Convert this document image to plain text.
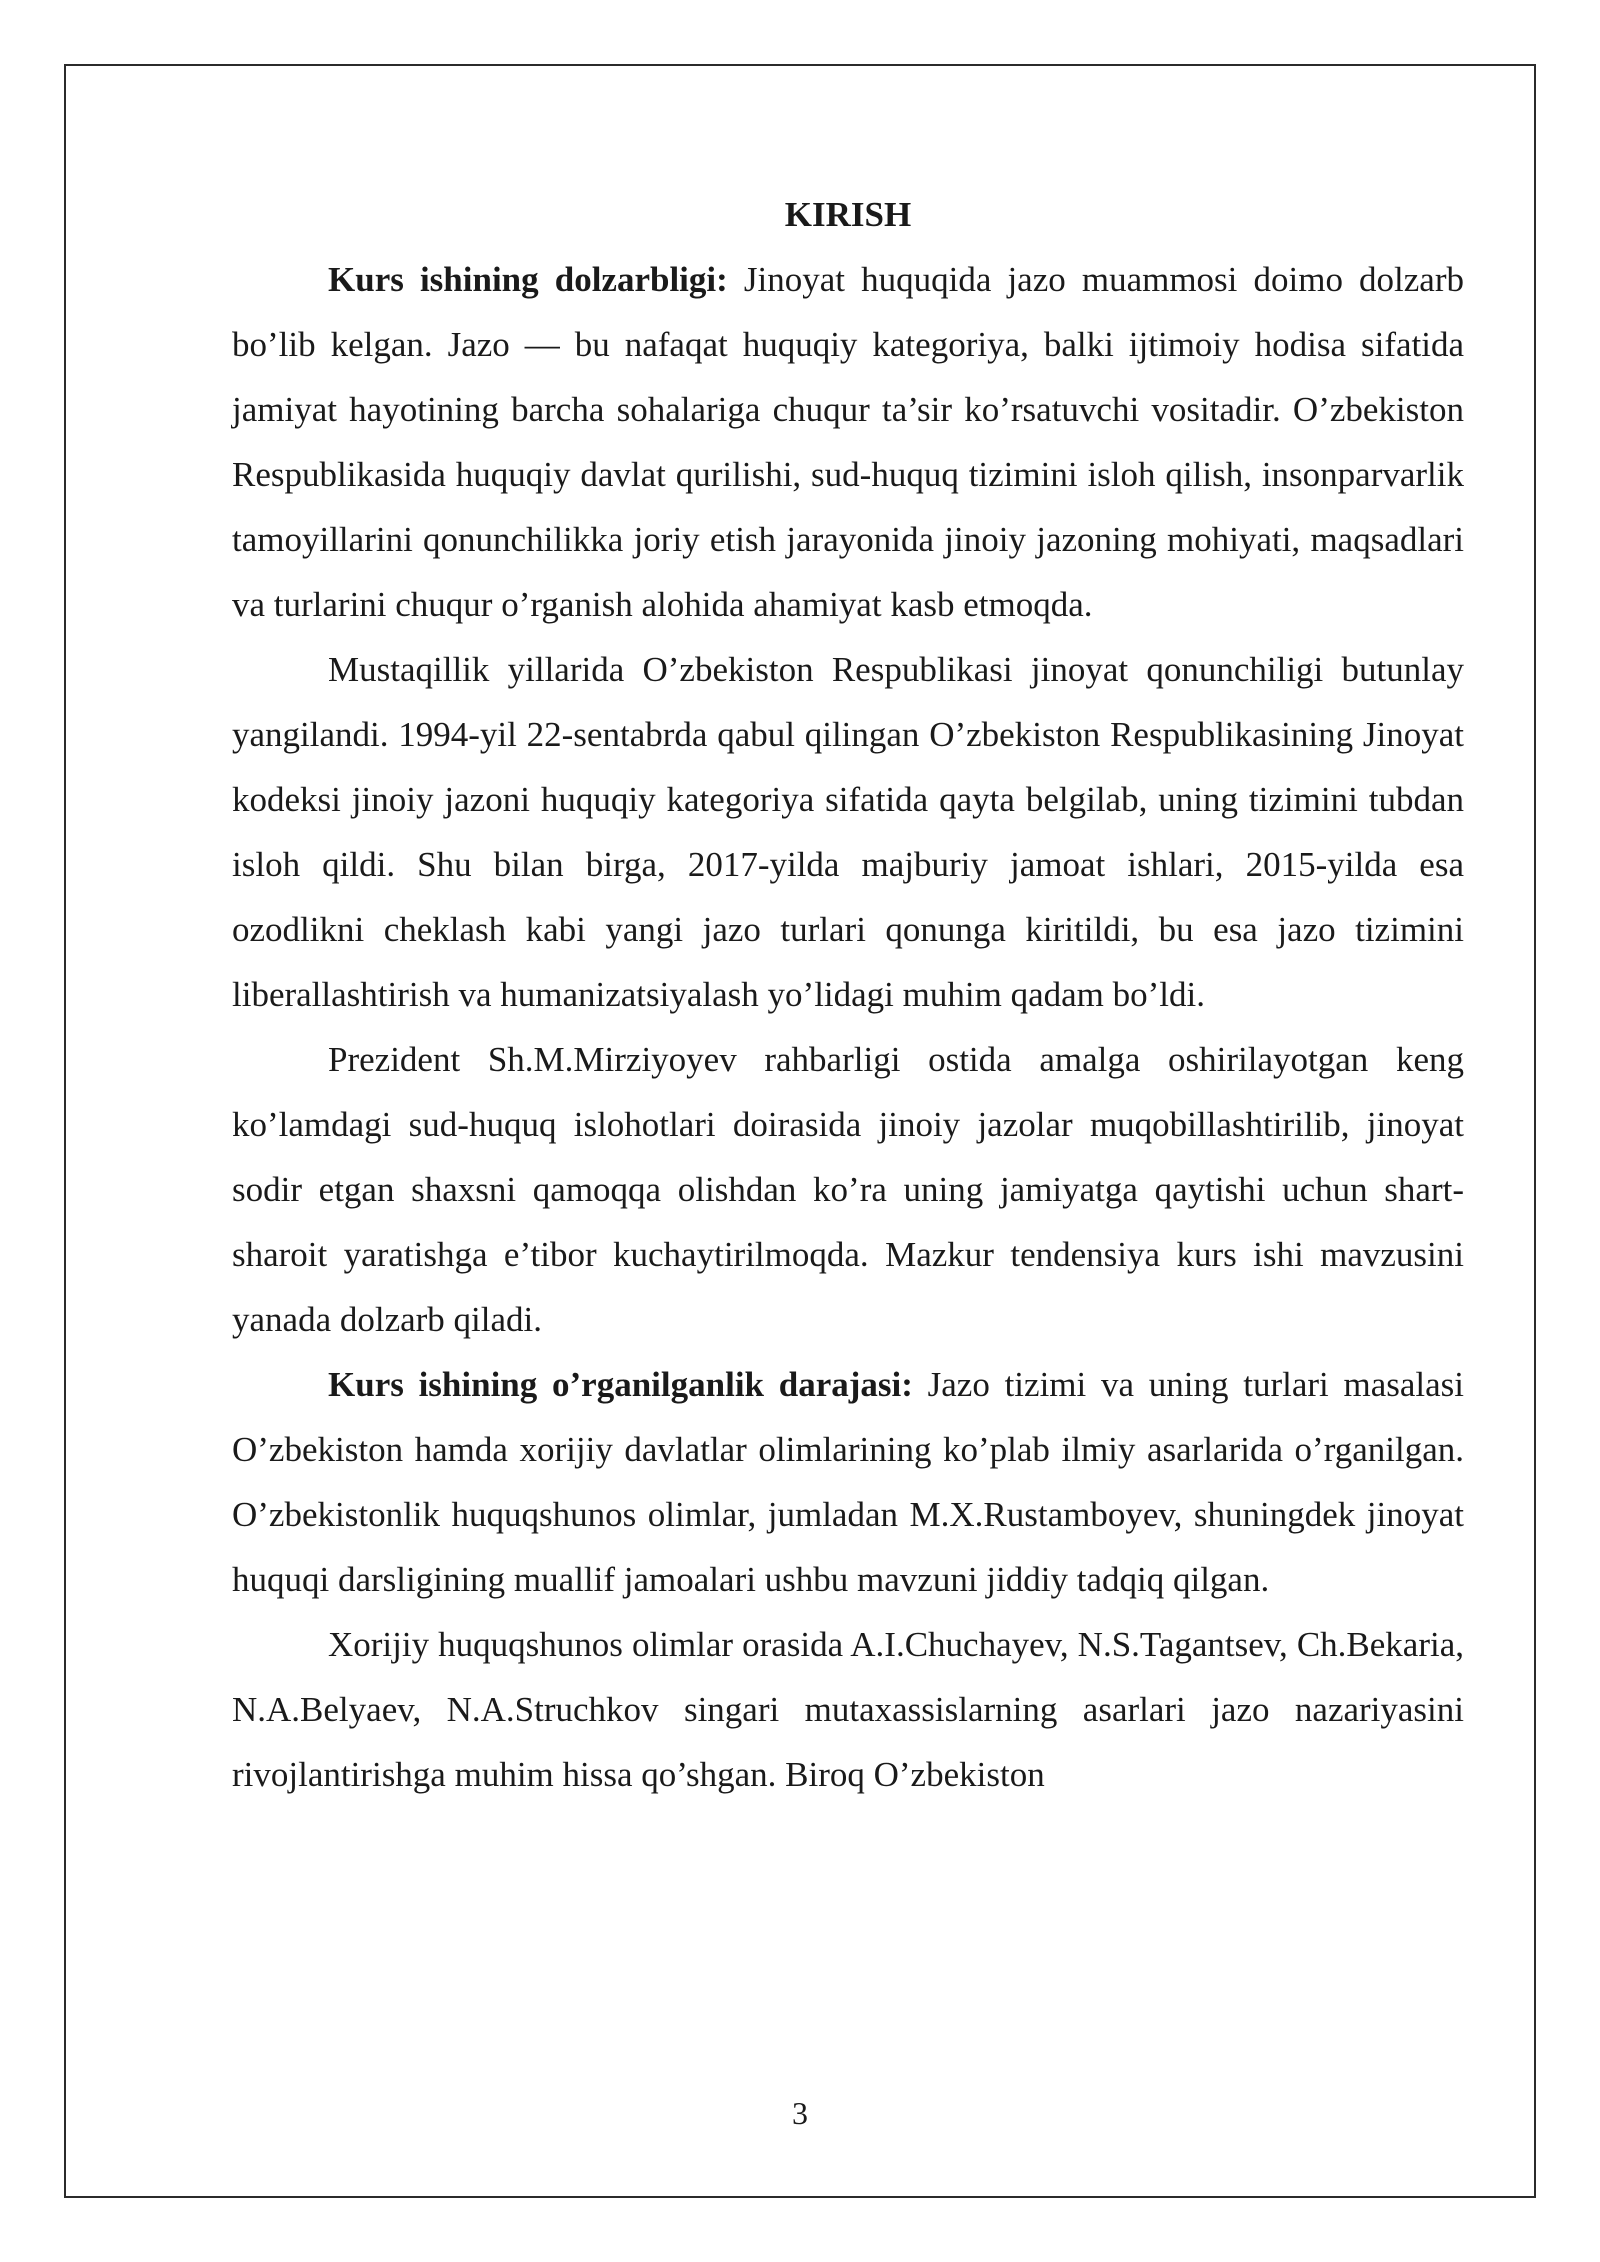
KIRISH

Kurs ishining dolzarbligi: Jinoyat huquqida jazo muammosi doimo dolzarb bo’lib kelgan. Jazo — bu nafaqat huquqiy kategoriya, balki ijtimoiy hodisa sifatida jamiyat hayotining barcha sohalariga chuqur ta’sir ko’rsatuvchi vositadir. O’zbekiston Respublikasida huquqiy davlat qurilishi, sud-huquq tizimini isloh qilish, insonparvarlik tamoyillarini qonunchilikka joriy etish jarayonida jinoiy jazoning mohiyati, maqsadlari va turlarini chuqur o’rganish alohida ahamiyat kasb etmoqda.

Mustaqillik yillarida O’zbekiston Respublikasi jinoyat qonunchiligi butunlay yangilandi. 1994-yil 22-sentabrda qabul qilingan O’zbekiston Respublikasining Jinoyat kodeksi jinoiy jazoni huquqiy kategoriya sifatida qayta belgilab, uning tizimini tubdan isloh qildi. Shu bilan birga, 2017-yilda majburiy jamoat ishlari, 2015-yilda esa ozodlikni cheklash kabi yangi jazo turlari qonunga kiritildi, bu esa jazo tizimini liberallashtirish va humanizatsiyalash yo’lidagi muhim qadam bo’ldi.

Prezident Sh.M.Mirziyoyev rahbarligi ostida amalga oshirilayotgan keng ko’lamdagi sud-huquq islohotlari doirasida jinoiy jazolar muqobillashtirilib, jinoyat sodir etgan shaxsni qamoqqa olishdan ko’ra uning jamiyatga qaytishi uchun shart-sharoit yaratishga e’tibor kuchaytirilmoqda. Mazkur tendensiya kurs ishi mavzusini yanada dolzarb qiladi.

Kurs ishining o’rganilganlik darajasi: Jazo tizimi va uning turlari masalasi O’zbekiston hamda xorijiy davlatlar olimlarining ko’plab ilmiy asarlarida o’rganilgan. O’zbekistonlik huquqshunos olimlar, jumladan M.X.Rustamboyev, shuningdek jinoyat huquqi darsligining muallif jamoalari ushbu mavzuni jiddiy tadqiq qilgan.

Xorijiy huquqshunos olimlar orasida A.I.Chuchayev, N.S.Tagantsev, Ch.Bekaria, N.A.Belyaev, N.A.Struchkov singari mutaxassislarning asarlari jazo nazariyasini rivojlantirishga muhim hissa qo’shgan. Biroq O’zbekiston

3
